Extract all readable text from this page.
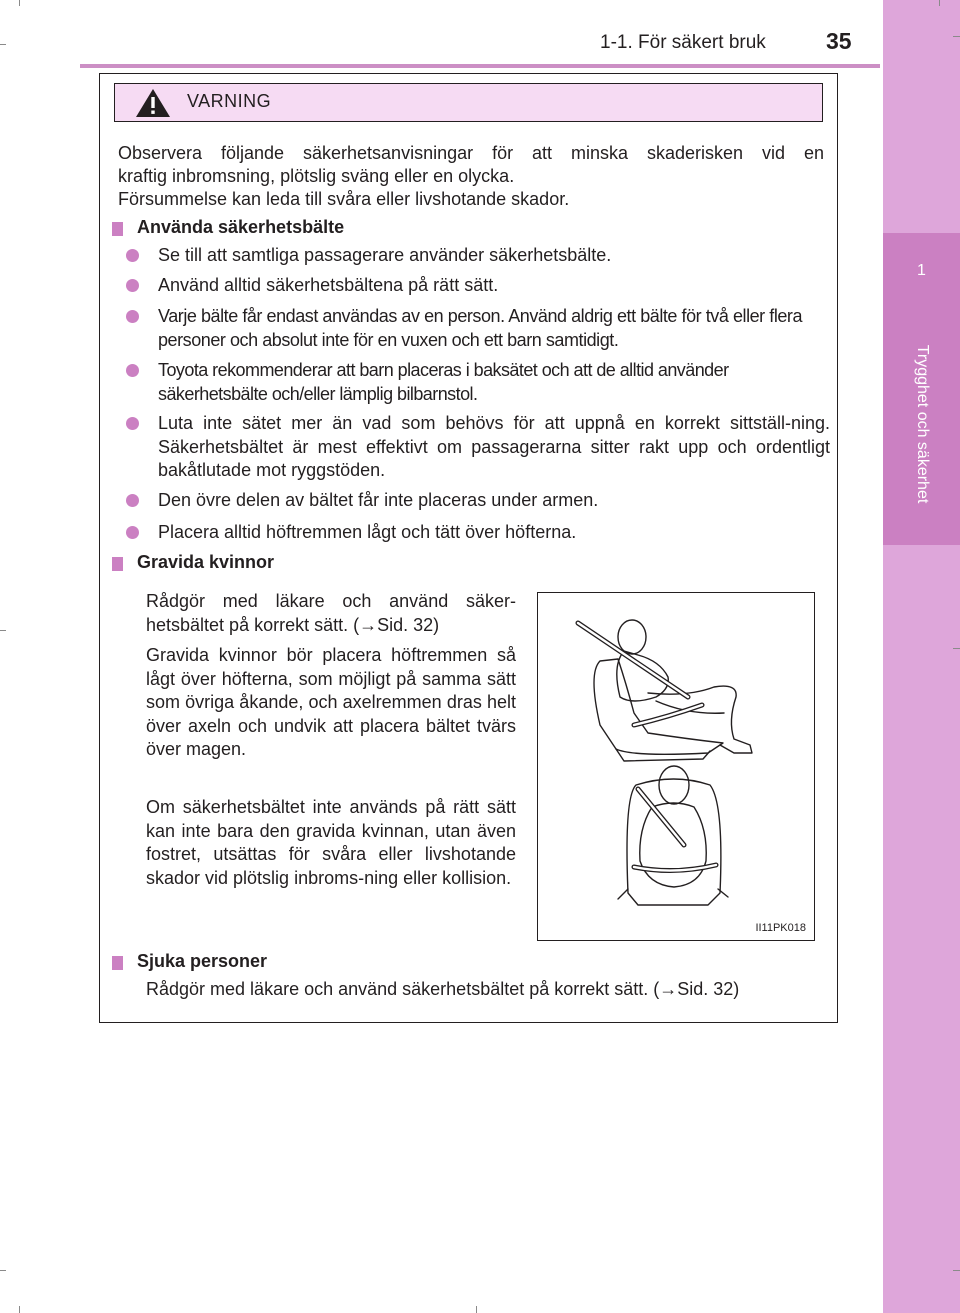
1-1. För säkert bruk	35
1
Trygghet och säkerhet
VARNING
Observera följande säkerhetsanvisningar för att minska skaderisken vid en
kraftig inbromsning, plötslig sväng eller en olycka.
Försummelse kan leda till svåra eller livshotande skador.
Använda säkerhetsbälte
Se till att samtliga passagerare använder säkerhetsbälte.
Använd alltid säkerhetsbältena på rätt sätt.
Varje bälte får endast användas av en person. Använd aldrig ett bälte för två eller flera personer och absolut inte för en vuxen och ett barn samtidigt.
Toyota rekommenderar att barn placeras i baksätet och att de alltid använder säkerhetsbälte och/eller lämplig bilbarnstol.
Luta inte sätet mer än vad som behövs för att uppnå en korrekt sittställ-ning. Säkerhetsbältet är mest effektivt om passagerarna sitter rakt upp och ordentligt bakåtlutade mot ryggstöden.
Den övre delen av bältet får inte placeras under armen.
Placera alltid höftremmen lågt och tätt över höfterna.
Gravida kvinnor
Rådgör med läkare och använd säker-hetsbältet på korrekt sätt. (→Sid. 32)
Gravida kvinnor bör placera höftremmen så lågt över höfterna, som möjligt på samma sätt som övriga åkande, och axelremmen dras helt över axeln och undvik att placera bältet tvärs över magen.
Om säkerhetsbältet inte används på rätt sätt kan inte bara den gravida kvinnan, utan även fostret, utsättas för svåra eller livshotande skador vid plötslig inbroms-ning eller kollision.
Sjuka personer
Rådgör med läkare och använd säkerhetsbältet på korrekt sätt. (→Sid. 32)
II11PK018
